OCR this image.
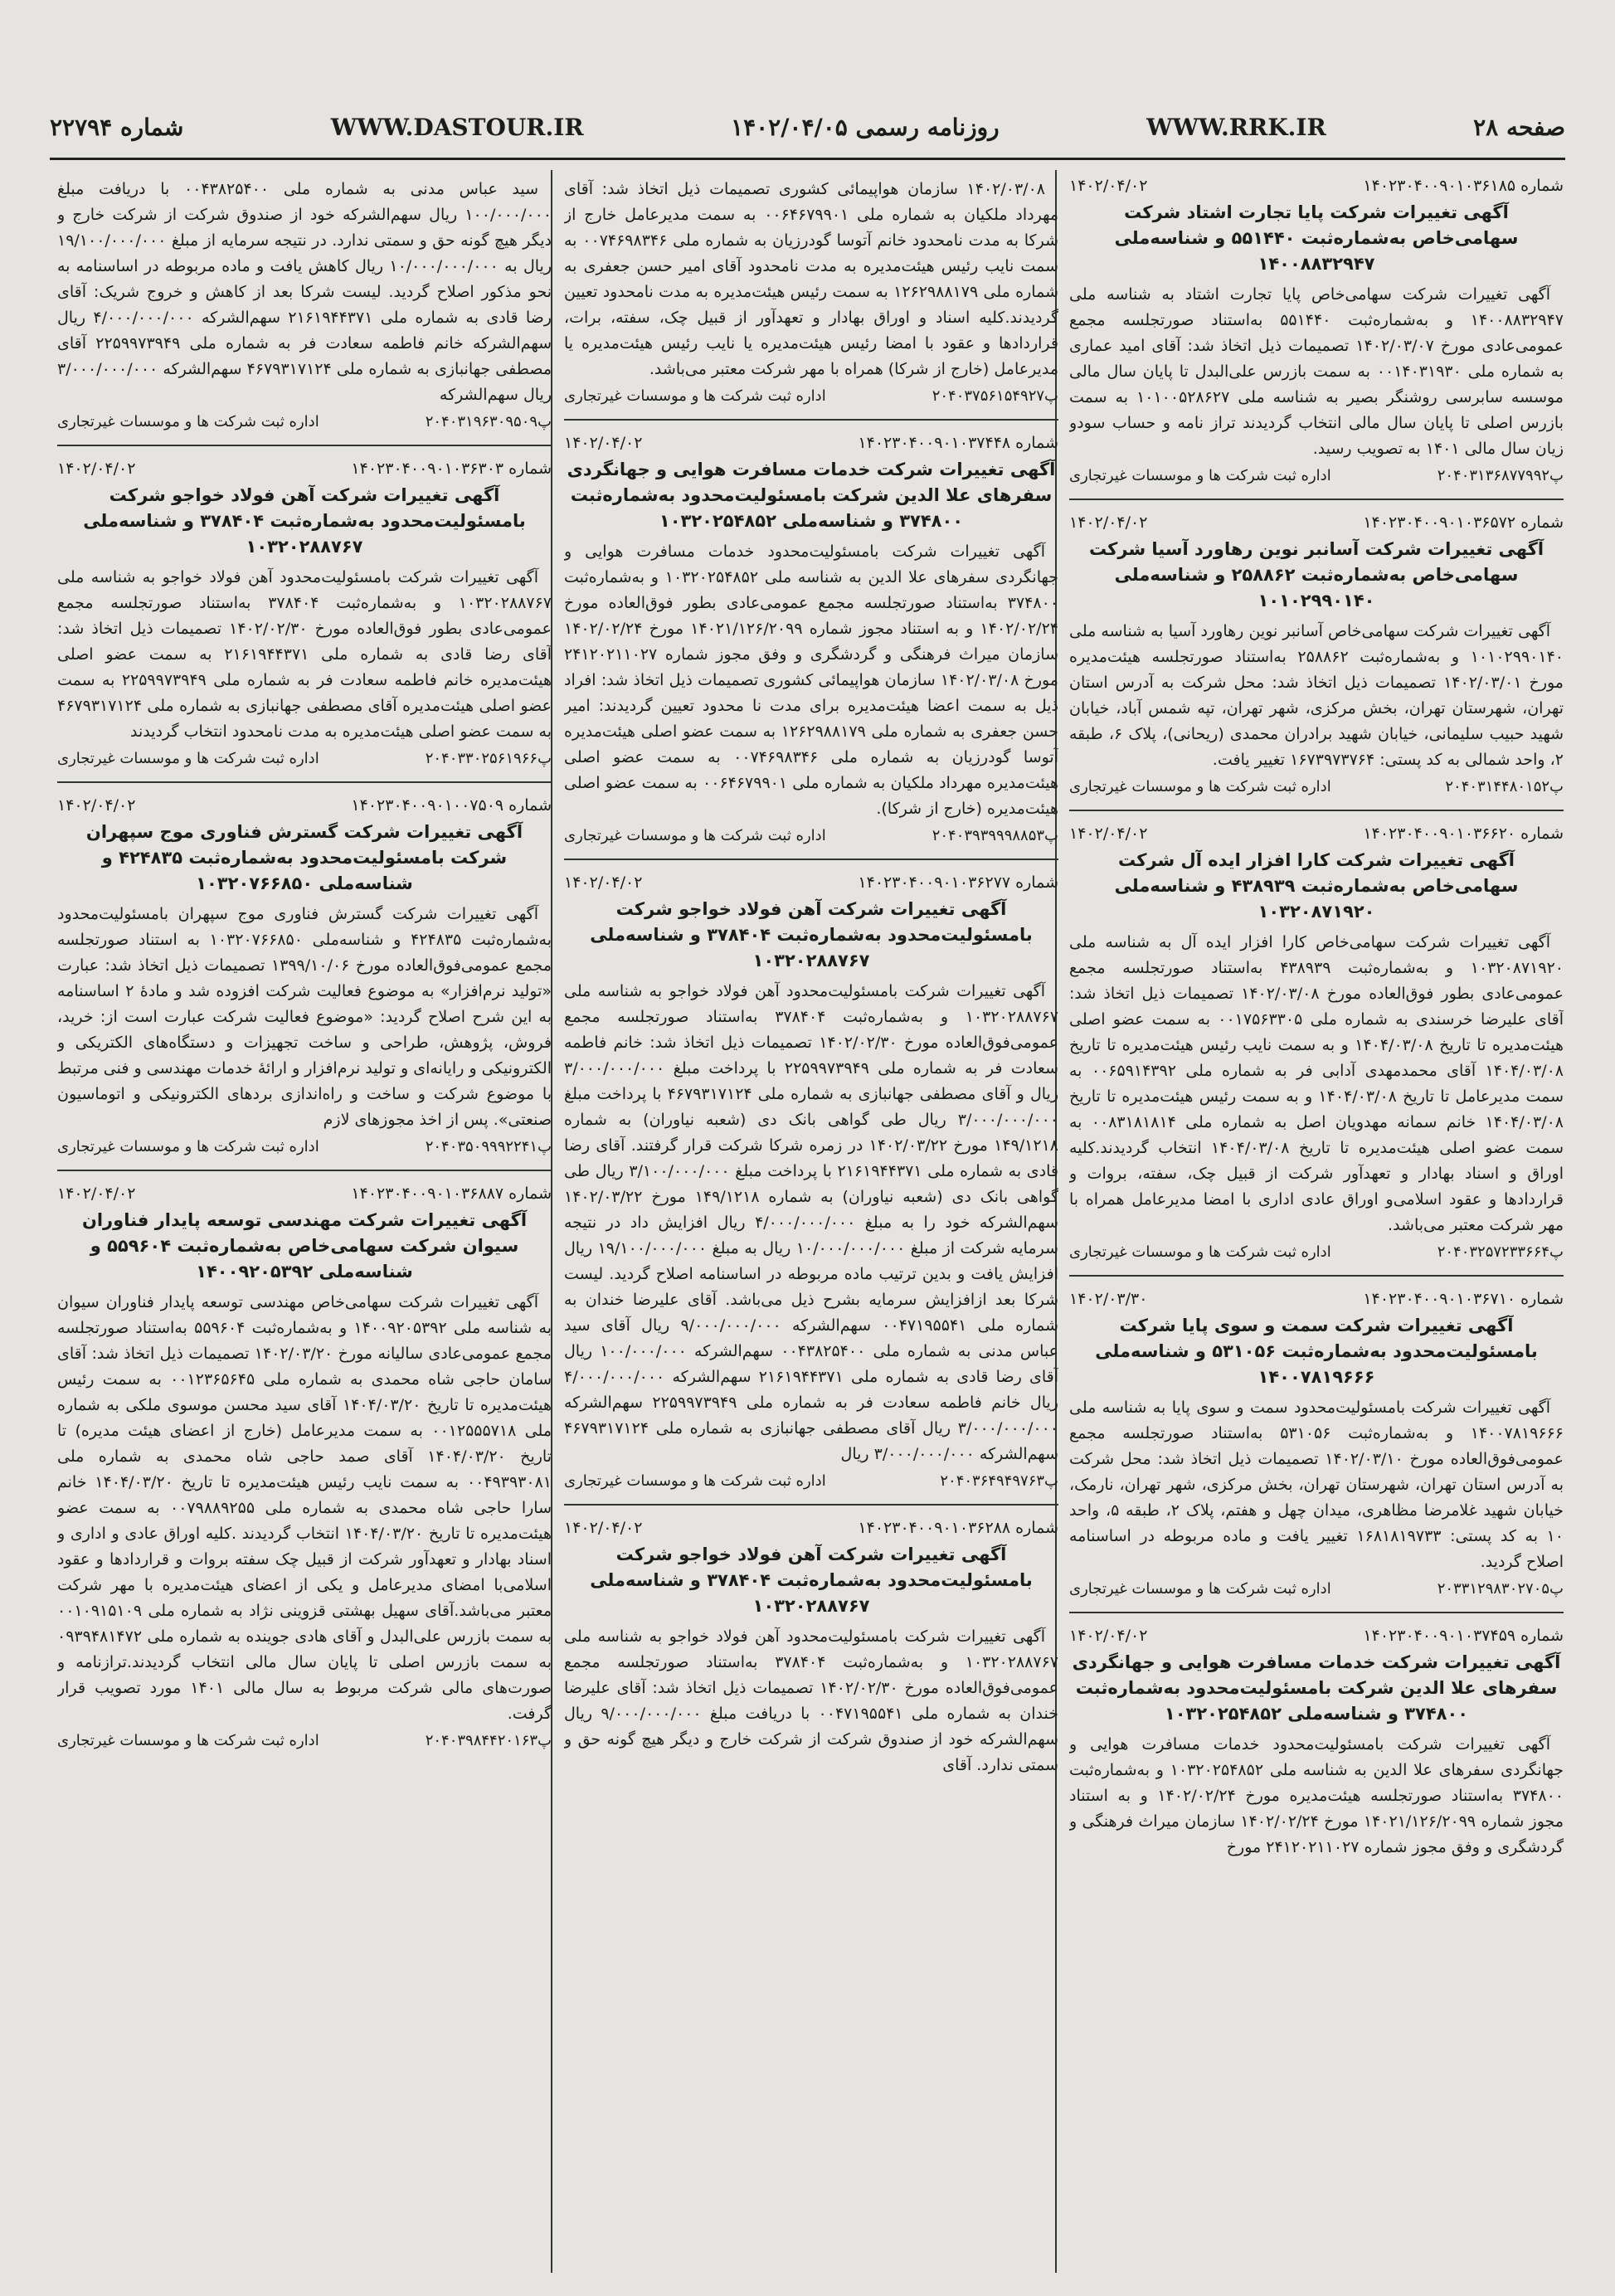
صفحه ۲۸
WWW.RRK.IR
روزنامه رسمی ۱۴۰۲/۰۴/۰۵
WWW.DASTOUR.IR
شماره ۲۲۷۹۴
شماره ۱۴۰۲۳۰۴۰۰۹۰۱۰۳۶۱۸۵
۱۴۰۲/۰۴/۰۲
آگهی تغییرات شرکت پایا تجارت اشتاد شرکت سهامی‌خاص به‌شماره‌ثبت ۵۵۱۴۴۰ و شناسه‌ملی ۱۴۰۰۸۸۳۲۹۴۷
آگهی تغییرات شرکت سهامی‌خاص پایا تجارت اشتاد به شناسه ملی ۱۴۰۰۸۸۳۲۹۴۷ و به‌شماره‌ثبت ۵۵۱۴۴۰ به‌استناد صورتجلسه مجمع عمومی‌عادی مورخ ۱۴۰۲/۰۳/۰۷ تصمیمات ذیل اتخاذ شد: آقای امید عماری به شماره ملی ۰۰۱۴۰۳۱۹۳۰ به سمت بازرس علی‌البدل تا پایان سال مالی موسسه سابرسی روشنگر بصیر به شناسه ملی ۱۰۱۰۰۵۲۸۶۲۷ به سمت بازرس اصلی تا پایان سال مالی انتخاب گردیدند تراز نامه و حساب سودو زیان سال مالی ۱۴۰۱ به تصویب رسید.
پ۲۰۴۰۳۱۳۶۸۷۷۹۹۲
اداره ثبت شرکت ها و موسسات غیرتجاری
شماره ۱۴۰۲۳۰۴۰۰۹۰۱۰۳۶۵۷۲
۱۴۰۲/۰۴/۰۲
آگهی تغییرات شرکت آسانبر نوین رهاورد آسیا شرکت سهامی‌خاص به‌شماره‌ثبت ۲۵۸۸۶۲ و شناسه‌ملی ۱۰۱۰۲۹۹۰۱۴۰
آگهی تغییرات شرکت سهامی‌خاص آسانبر نوین رهاورد آسیا به شناسه ملی ۱۰۱۰۲۹۹۰۱۴۰ و به‌شماره‌ثبت ۲۵۸۸۶۲ به‌استناد صورتجلسه هیئت‌مدیره مورخ ۱۴۰۲/۰۳/۰۱ تصمیمات ذیل اتخاذ شد: محل شرکت به آدرس استان تهران، شهرستان تهران، بخش مرکزی، شهر تهران، تپه شمس آباد، خیابان شهید حبیب سلیمانی، خیابان شهید برادران محمدی (ریحانی)، پلاک ۶، طبقه ۲، واحد شمالی به کد پستی: ۱۶۷۳۹۷۳۷۶۴ تغییر یافت.
پ۲۰۴۰۳۱۴۴۸۰۱۵۲
اداره ثبت شرکت ها و موسسات غیرتجاری
شماره ۱۴۰۲۳۰۴۰۰۹۰۱۰۳۶۶۲۰
۱۴۰۲/۰۴/۰۲
آگهی تغییرات شرکت کارا افزار ایده آل شرکت سهامی‌خاص به‌شماره‌ثبت ۴۳۸۹۳۹ و شناسه‌ملی ۱۰۳۲۰۸۷۱۹۲۰
آگهی تغییرات شرکت سهامی‌خاص کارا افزار ایده آل به شناسه ملی ۱۰۳۲۰۸۷۱۹۲۰ و به‌شماره‌ثبت ۴۳۸۹۳۹ به‌استناد صورتجلسه مجمع عمومی‌عادی بطور فوق‌العاده مورخ ۱۴۰۲/۰۳/۰۸ تصمیمات ذیل اتخاذ شد: آقای علیرضا خرسندی به شماره ملی ۰۰۱۷۵۶۳۳۰۵ به سمت عضو اصلی هیئت‌مدیره تا تاریخ ۱۴۰۴/۰۳/۰۸ و به سمت نایب رئیس هیئت‌مدیره تا تاریخ ۱۴۰۴/۰۳/۰۸ آقای محمدمهدی آدابی فر به شماره ملی ۰۰۶۵۹۱۴۳۹۲ به سمت مدیرعامل تا تاریخ ۱۴۰۴/۰۳/۰۸ و به سمت رئیس هیئت‌مدیره تا تاریخ ۱۴۰۴/۰۳/۰۸ خانم سمانه مهدویان اصل به شماره ملی ۰۰۸۳۱۸۱۸۱۴ به سمت عضو اصلی هیئت‌مدیره تا تاریخ ۱۴۰۴/۰۳/۰۸ انتخاب گردیدند.کلیه اوراق و اسناد بهادار و تعهدآور شرکت از قبیل چک، سفته، بروات و قراردادها و عقود اسلامی‌و اوراق عادی اداری با امضا مدیرعامل همراه با مهر شرکت معتبر می‌باشد.
پ۲۰۴۰۳۲۵۷۲۳۳۶۶۴
اداره ثبت شرکت ها و موسسات غیرتجاری
شماره ۱۴۰۲۳۰۴۰۰۹۰۱۰۳۶۷۱۰
۱۴۰۲/۰۳/۳۰
آگهی تغییرات شرکت سمت و سوی پایا شرکت بامسئولیت‌محدود به‌شماره‌ثبت ۵۳۱۰۵۶ و شناسه‌ملی ۱۴۰۰۷۸۱۹۶۶۶
آگهی تغییرات شرکت بامسئولیت‌محدود سمت و سوی پایا به شناسه ملی ۱۴۰۰۷۸۱۹۶۶۶ و به‌شماره‌ثبت ۵۳۱۰۵۶ به‌استناد صورتجلسه مجمع عمومی‌فوق‌العاده مورخ ۱۴۰۲/۰۳/۱۰ تصمیمات ذیل اتخاذ شد: محل شرکت به آدرس استان تهران، شهرستان تهران، بخش مرکزی، شهر تهران، نارمک، خیابان شهید غلامرضا مظاهری، میدان چهل و هفتم، پلاک ۲، طبقه ۵، واحد ۱۰ به کد پستی: ۱۶۸۱۸۱۹۷۳۳ تغییر یافت و ماده مربوطه در اساسنامه اصلاح گردید.
پ۲۰۳۳۱۲۹۸۳۰۲۷۰۵
اداره ثبت شرکت ها و موسسات غیرتجاری
شماره ۱۴۰۲۳۰۴۰۰۹۰۱۰۳۷۴۵۹
۱۴۰۲/۰۴/۰۲
آگهی تغییرات شرکت خدمات مسافرت هوایی و جهانگردی سفرهای علا الدین شرکت بامسئولیت‌محدود به‌شماره‌ثبت ۳۷۴۸۰۰ و شناسه‌ملی ۱۰۳۲۰۲۵۴۸۵۲
آگهی تغییرات شرکت بامسئولیت‌محدود خدمات مسافرت هوایی و جهانگردی سفرهای علا الدین به شناسه ملی ۱۰۳۲۰۲۵۴۸۵۲ و به‌شماره‌ثبت ۳۷۴۸۰۰ به‌استناد صورتجلسه هیئت‌مدیره مورخ ۱۴۰۲/۰۲/۲۴ و به استناد مجوز شماره ۱۴۰۲۱/۱۲۶/۲۰۹۹ مورخ ۱۴۰۲/۰۲/۲۴ سازمان میراث فرهنگی و گردشگری و وفق مجوز شماره ۲۴۱۲۰۲۱۱۰۲۷ مورخ
۱۴۰۲/۰۳/۰۸ سازمان هواپیمائی کشوری تصمیمات ذیل اتخاذ شد: آقای مهرداد ملکیان به شماره ملی ۰۰۶۴۶۷۹۹۰۱ به سمت مدیرعامل خارج از شرکا به مدت نامحدود خانم آتوسا گودرزیان به شماره ملی ۰۰۷۴۶۹۸۳۴۶ به سمت نایب رئیس هیئت‌مدیره به مدت نامحدود آقای امیر حسن جعفری به شماره ملی ۱۲۶۲۹۸۸۱۷۹ به سمت رئیس هیئت‌مدیره به مدت نامحدود تعیین گردیدند.کلیه اسناد و اوراق بهادار و تعهدآور از قبیل چک، سفته، برات، قراردادها و عقود با امضا رئیس هیئت‌مدیره یا نایب رئیس هیئت‌مدیره یا مدیرعامل (خارج از شرکا) همراه با مهر شرکت معتبر می‌باشد.
پ۲۰۴۰۳۷۵۶۱۵۴۹۲۷
اداره ثبت شرکت ها و موسسات غیرتجاری
شماره ۱۴۰۲۳۰۴۰۰۹۰۱۰۳۷۴۴۸
۱۴۰۲/۰۴/۰۲
آگهی تغییرات شرکت خدمات مسافرت هوایی و جهانگردی سفرهای علا الدین شرکت بامسئولیت‌محدود به‌شماره‌ثبت ۳۷۴۸۰۰ و شناسه‌ملی ۱۰۳۲۰۲۵۴۸۵۲
آگهی تغییرات شرکت بامسئولیت‌محدود خدمات مسافرت هوایی و جهانگردی سفرهای علا الدین به شناسه ملی ۱۰۳۲۰۲۵۴۸۵۲ و به‌شماره‌ثبت ۳۷۴۸۰۰ به‌استناد صورتجلسه مجمع عمومی‌عادی بطور فوق‌العاده مورخ ۱۴۰۲/۰۲/۲۴ و به استناد مجوز شماره ۱۴۰۲۱/۱۲۶/۲۰۹۹ مورخ ۱۴۰۲/۰۲/۲۴ سازمان میراث فرهنگی و گردشگری و وفق مجوز شماره ۲۴۱۲۰۲۱۱۰۲۷ مورخ ۱۴۰۲/۰۳/۰۸ سازمان هواپیمائی کشوری تصمیمات ذیل اتخاذ شد: افراد ذیل به سمت اعضا هیئت‌مدیره برای مدت نا محدود تعیین گردیدند: امیر حسن جعفری به شماره ملی ۱۲۶۲۹۸۸۱۷۹ به سمت عضو اصلی هیئت‌مدیره آتوسا گودرزیان به شماره ملی ۰۰۷۴۶۹۸۳۴۶ به سمت عضو اصلی هیئت‌مدیره مهرداد ملکیان به شماره ملی ۰۰۶۴۶۷۹۹۰۱ به سمت عضو اصلی هیئت‌مدیره (خارج از شرکا).
پ۲۰۴۰۳۹۳۹۹۹۸۸۵۳
اداره ثبت شرکت ها و موسسات غیرتجاری
شماره ۱۴۰۲۳۰۴۰۰۹۰۱۰۳۶۲۷۷
۱۴۰۲/۰۴/۰۲
آگهی تغییرات شرکت آهن فولاد خواجو شرکت بامسئولیت‌محدود به‌شماره‌ثبت ۳۷۸۴۰۴ و شناسه‌ملی ۱۰۳۲۰۲۸۸۷۶۷
آگهی تغییرات شرکت بامسئولیت‌محدود آهن فولاد خواجو به شناسه ملی ۱۰۳۲۰۲۸۸۷۶۷ و به‌شماره‌ثبت ۳۷۸۴۰۴ به‌استناد صورتجلسه مجمع عمومی‌فوق‌العاده مورخ ۱۴۰۲/۰۲/۳۰ تصمیمات ذیل اتخاذ شد: خانم فاطمه سعادت فر به شماره ملی ۲۲۵۹۹۷۳۹۴۹ با پرداخت مبلغ ۳/۰۰۰/۰۰۰/۰۰۰ ریال و آقای مصطفی جهانبازی به شماره ملی ۴۶۷۹۳۱۷۱۲۴ با پرداخت مبلغ ۳/۰۰۰/۰۰۰/۰۰۰ ریال طی گواهی بانک دی (شعبه نیاوران) به شماره ۱۴۹/۱۲۱۸ مورخ ۱۴۰۲/۰۳/۲۲ در زمره شرکا شرکت قرار گرفتند. آقای رضا قادی به شماره ملی ۲۱۶۱۹۴۴۳۷۱ با پرداخت مبلغ ۳/۱۰۰/۰۰۰/۰۰۰ ریال طی گواهی بانک دی (شعبه نیاوران) به شماره ۱۴۹/۱۲۱۸ مورخ ۱۴۰۲/۰۳/۲۲ سهم‌الشرکه خود را به مبلغ ۴/۰۰۰/۰۰۰/۰۰۰ ریال افزایش داد در نتیجه سرمایه شرکت از مبلغ ۱۰/۰۰۰/۰۰۰/۰۰۰ ریال به مبلغ ۱۹/۱۰۰/۰۰۰/۰۰۰ ریال افزایش یافت و بدین ترتیب ماده مربوطه در اساسنامه اصلاح گردید. لیست شرکا بعد ازافزایش سرمایه بشرح ذیل می‌باشد. آقای علیرضا خندان به شماره ملی ۰۰۴۷۱۹۵۵۴۱ سهم‌الشرکه ۹/۰۰۰/۰۰۰/۰۰۰ ریال آقای سید عباس مدنی به شماره ملی ۰۰۴۳۸۲۵۴۰۰ سهم‌الشرکه ۱۰۰/۰۰۰/۰۰۰ ریال آقای رضا قادی به شماره ملی ۲۱۶۱۹۴۴۳۷۱ سهم‌الشرکه ۴/۰۰۰/۰۰۰/۰۰۰ ریال خانم فاطمه سعادت فر به شماره ملی ۲۲۵۹۹۷۳۹۴۹ سهم‌الشرکه ۳/۰۰۰/۰۰۰/۰۰۰ ریال آقای مصطفی جهانبازی به شماره ملی ۴۶۷۹۳۱۷۱۲۴ سهم‌الشرکه ۳/۰۰۰/۰۰۰/۰۰۰ ریال
پ۲۰۴۰۳۶۴۹۴۹۷۶۳
اداره ثبت شرکت ها و موسسات غیرتجاری
شماره ۱۴۰۲۳۰۴۰۰۹۰۱۰۳۶۲۸۸
۱۴۰۲/۰۴/۰۲
آگهی تغییرات شرکت آهن فولاد خواجو شرکت بامسئولیت‌محدود به‌شماره‌ثبت ۳۷۸۴۰۴ و شناسه‌ملی ۱۰۳۲۰۲۸۸۷۶۷
آگهی تغییرات شرکت بامسئولیت‌محدود آهن فولاد خواجو به شناسه ملی ۱۰۳۲۰۲۸۸۷۶۷ و به‌شماره‌ثبت ۳۷۸۴۰۴ به‌استناد صورتجلسه مجمع عمومی‌فوق‌العاده مورخ ۱۴۰۲/۰۲/۳۰ تصمیمات ذیل اتخاذ شد: آقای علیرضا خندان به شماره ملی ۰۰۴۷۱۹۵۵۴۱ با دریافت مبلغ ۹/۰۰۰/۰۰۰/۰۰۰ ریال سهم‌الشرکه خود از صندوق شرکت از شرکت خارج و دیگر هیچ گونه حق و سمتی ندارد. آقای
سید عباس مدنی به شماره ملی ۰۰۴۳۸۲۵۴۰۰ با دریافت مبلغ ۱۰۰/۰۰۰/۰۰۰ ریال سهم‌الشرکه خود از صندوق شرکت از شرکت خارج و دیگر هیچ گونه حق و سمتی ندارد. در نتیجه سرمایه از مبلغ ۱۹/۱۰۰/۰۰۰/۰۰۰ ریال به ۱۰/۰۰۰/۰۰۰/۰۰۰ ریال کاهش یافت و ماده مربوطه در اساسنامه به نحو مذکور اصلاح گردید. لیست شرکا بعد از کاهش و خروج شریک: آقای رضا قادی به شماره ملی ۲۱۶۱۹۴۴۳۷۱ سهم‌الشرکه ۴/۰۰۰/۰۰۰/۰۰۰ ریال سهم‌الشرکه خانم فاطمه سعادت فر به شماره ملی ۲۲۵۹۹۷۳۹۴۹ آقای مصطفی جهانبازی به شماره ملی ۴۶۷۹۳۱۷۱۲۴ سهم‌الشرکه ۳/۰۰۰/۰۰۰/۰۰۰ ریال سهم‌الشرکه
پ۲۰۴۰۳۱۹۶۳۰۹۵۰۹
اداره ثبت شرکت ها و موسسات غیرتجاری
شماره ۱۴۰۲۳۰۴۰۰۹۰۱۰۳۶۳۰۳
۱۴۰۲/۰۴/۰۲
آگهی تغییرات شرکت آهن فولاد خواجو شرکت بامسئولیت‌محدود به‌شماره‌ثبت ۳۷۸۴۰۴ و شناسه‌ملی ۱۰۳۲۰۲۸۸۷۶۷
آگهی تغییرات شرکت بامسئولیت‌محدود آهن فولاد خواجو به شناسه ملی ۱۰۳۲۰۲۸۸۷۶۷ و به‌شماره‌ثبت ۳۷۸۴۰۴ به‌استناد صورتجلسه مجمع عمومی‌عادی بطور فوق‌العاده مورخ ۱۴۰۲/۰۲/۳۰ تصمیمات ذیل اتخاذ شد: آقای رضا قادی به شماره ملی ۲۱۶۱۹۴۴۳۷۱ به سمت عضو اصلی هیئت‌مدیره خانم فاطمه سعادت فر به شماره ملی ۲۲۵۹۹۷۳۹۴۹ به سمت عضو اصلی هیئت‌مدیره آقای مصطفی جهانبازی به شماره ملی ۴۶۷۹۳۱۷۱۲۴ به سمت عضو اصلی هیئت‌مدیره به مدت نامحدود انتخاب گردیدند
پ۲۰۴۰۳۳۰۲۵۶۱۹۶۶
اداره ثبت شرکت ها و موسسات غیرتجاری
شماره ۱۴۰۲۳۰۴۰۰۹۰۱۰۰۷۵۰۹
۱۴۰۲/۰۴/۰۲
آگهی تغییرات شرکت گسترش فناوری موج سپهران شرکت بامسئولیت‌محدود به‌شماره‌ثبت ۴۲۴۸۳۵ و شناسه‌ملی ۱۰۳۲۰۷۶۶۸۵۰
آگهی تغییرات شرکت گسترش فناوری موج سپهران بامسئولیت‌محدود به‌شماره‌ثبت ۴۲۴۸۳۵ و شناسه‌ملی ۱۰۳۲۰۷۶۶۸۵۰ به استناد صورتجلسه مجمع عمومی‌فوق‌العاده مورخ ۱۳۹۹/۱۰/۰۶ تصمیمات ذیل اتخاذ شد: عبارت «تولید نرم‌افزار» به موضوع فعالیت شرکت افزوده شد و مادهٔ ۲ اساسنامه به این شرح اصلاح گردید: «موضوع فعالیت شرکت عبارت است از: خرید، فروش، پژوهش، طراحی و ساخت تجهیزات و دستگاه‌های الکتریکی و الکترونیکی و رایانه‌ای و تولید نرم‌افزار و ارائهٔ خدمات مهندسی و فنی مرتبط با موضوع شرکت و ساخت و راه‌اندازی بردهای الکترونیکی و اتوماسیون صنعتی». پس از اخذ مجوزهای لازم
پ۲۰۴۰۳۵۰۹۹۹۲۲۴۱
اداره ثبت شرکت ها و موسسات غیرتجاری
شماره ۱۴۰۲۳۰۴۰۰۹۰۱۰۳۶۸۸۷
۱۴۰۲/۰۴/۰۲
آگهی تغییرات شرکت مهندسی توسعه پایدار فناوران سیوان شرکت سهامی‌خاص به‌شماره‌ثبت ۵۵۹۶۰۴ و شناسه‌ملی ۱۴۰۰۹۲۰۵۳۹۲
آگهی تغییرات شرکت سهامی‌خاص مهندسی توسعه پایدار فناوران سیوان به شناسه ملی ۱۴۰۰۹۲۰۵۳۹۲ و به‌شماره‌ثبت ۵۵۹۶۰۴ به‌استناد صورتجلسه مجمع عمومی‌عادی سالیانه مورخ ۱۴۰۲/۰۳/۲۰ تصمیمات ذیل اتخاذ شد: آقای سامان حاجی شاه محمدی به شماره ملی ۰۰۱۲۳۶۵۶۴۵ به سمت رئیس هیئت‌مدیره تا تاریخ ۱۴۰۴/۰۳/۲۰ آقای سید محسن موسوی ملکی به شماره ملی ۰۰۱۲۵۵۵۷۱۸ به سمت مدیرعامل (خارج از اعضای هیئت مدیره) تا تاریخ ۱۴۰۴/۰۳/۲۰ آقای صمد حاجی شاه محمدی به شماره ملی ۰۰۴۹۳۹۳۰۸۱ به سمت نایب رئیس هیئت‌مدیره تا تاریخ ۱۴۰۴/۰۳/۲۰ خانم سارا حاجی شاه محمدی به شماره ملی ۰۰۷۹۸۸۹۲۵۵ به سمت عضو هیئت‌مدیره تا تاریخ ۱۴۰۴/۰۳/۲۰ انتخاب گردیدند .کلیه اوراق عادی و اداری و اسناد بهادار و تعهدآور شرکت از قبیل چک سفته بروات و قراردادها و عقود اسلامی‌با امضای مدیرعامل و یکی از اعضای هیئت‌مدیره با مهر شرکت معتبر می‌باشد.آقای سهیل بهشتی قزوینی نژاد به شماره ملی ۰۰۱۰۹۱۵۱۰۹ به سمت بازرس علی‌البدل و آقای هادی جوینده به شماره ملی ۰۹۳۹۴۸۱۴۷۲ به سمت بازرس اصلی تا پایان سال مالی انتخاب گردیدند.ترازنامه و صورت‌های مالی شرکت مربوط به سال مالی ۱۴۰۱ مورد تصویب قرار گرفت.
پ۲۰۴۰۳۹۸۴۴۲۰۱۶۳
اداره ثبت شرکت ها و موسسات غیرتجاری
